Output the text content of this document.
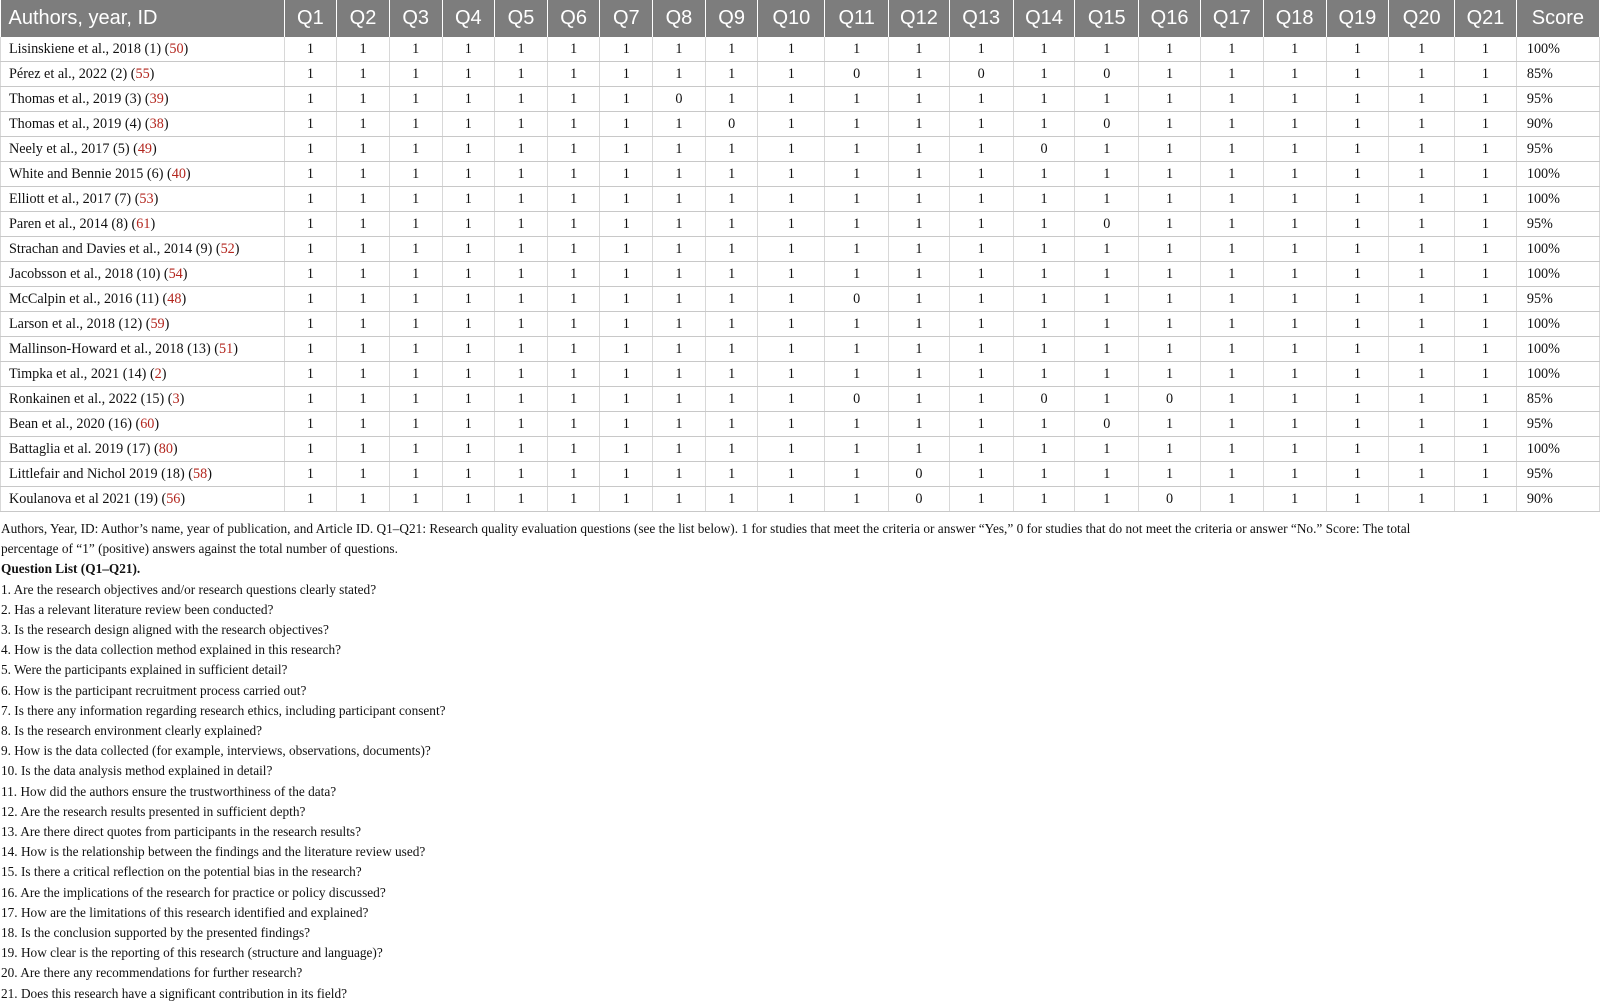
Authors, year, ID	Q1	Q2	Q3	Q4	Q5	Q6	Q7	Q8	Q9	Q10	Q11	Q12	Q13	Q14	Q15	Q16	Q17	Q18	Q19	Q20	Q21	Score
Lisinskiene et al., 2018 (1) (50)	1	1	1	1	1	1	1	1	1	1	1	1	1	1	1	1	1	1	1	1	1	100%
Pérez et al., 2022 (2) (55)	1	1	1	1	1	1	1	1	1	1	0	1	0	1	0	1	1	1	1	1	1	85%
Thomas et al., 2019 (3) (39)	1	1	1	1	1	1	1	0	1	1	1	1	1	1	1	1	1	1	1	1	1	95%
Thomas et al., 2019 (4) (38)	1	1	1	1	1	1	1	1	0	1	1	1	1	1	0	1	1	1	1	1	1	90%
Neely et al., 2017 (5) (49)	1	1	1	1	1	1	1	1	1	1	1	1	1	0	1	1	1	1	1	1	1	95%
White and Bennie 2015 (6) (40)	1	1	1	1	1	1	1	1	1	1	1	1	1	1	1	1	1	1	1	1	1	100%
Elliott et al., 2017 (7) (53)	1	1	1	1	1	1	1	1	1	1	1	1	1	1	1	1	1	1	1	1	1	100%
Paren et al., 2014 (8) (61)	1	1	1	1	1	1	1	1	1	1	1	1	1	1	0	1	1	1	1	1	1	95%
Strachan and Davies et al., 2014 (9) (52)	1	1	1	1	1	1	1	1	1	1	1	1	1	1	1	1	1	1	1	1	1	100%
Jacobsson et al., 2018 (10) (54)	1	1	1	1	1	1	1	1	1	1	1	1	1	1	1	1	1	1	1	1	1	100%
McCalpin et al., 2016 (11) (48)	1	1	1	1	1	1	1	1	1	1	0	1	1	1	1	1	1	1	1	1	1	95%
Larson et al., 2018 (12) (59)	1	1	1	1	1	1	1	1	1	1	1	1	1	1	1	1	1	1	1	1	1	100%
Mallinson-Howard et al., 2018 (13) (51)	1	1	1	1	1	1	1	1	1	1	1	1	1	1	1	1	1	1	1	1	1	100%
Timpka et al., 2021 (14) (2)	1	1	1	1	1	1	1	1	1	1	1	1	1	1	1	1	1	1	1	1	1	100%
Ronkainen et al., 2022 (15) (3)	1	1	1	1	1	1	1	1	1	1	0	1	1	0	1	0	1	1	1	1	1	85%
Bean et al., 2020 (16) (60)	1	1	1	1	1	1	1	1	1	1	1	1	1	1	0	1	1	1	1	1	1	95%
Battaglia et al. 2019 (17) (80)	1	1	1	1	1	1	1	1	1	1	1	1	1	1	1	1	1	1	1	1	1	100%
Littlefair and Nichol 2019 (18) (58)	1	1	1	1	1	1	1	1	1	1	1	0	1	1	1	1	1	1	1	1	1	95%
Koulanova et al 2021 (19) (56)	1	1	1	1	1	1	1	1	1	1	1	0	1	1	1	0	1	1	1	1	1	90%

Authors, Year, ID: Author’s name, year of publication, and Article ID. Q1–Q21: Research quality evaluation questions (see the list below). 1 for studies that meet the criteria or answer “Yes,” 0 for studies that do not meet the criteria or answer “No.” Score: The total

percentage of “1” (positive) answers against the total number of questions.

Question List (Q1–Q21).

1. Are the research objectives and/or research questions clearly stated?

2. Has a relevant literature review been conducted?

3. Is the research design aligned with the research objectives?

4. How is the data collection method explained in this research?

5. Were the participants explained in sufficient detail?

6. How is the participant recruitment process carried out?

7. Is there any information regarding research ethics, including participant consent?

8. Is the research environment clearly explained?

9. How is the data collected (for example, interviews, observations, documents)?

10. Is the data analysis method explained in detail?

11. How did the authors ensure the trustworthiness of the data?

12. Are the research results presented in sufficient depth?

13. Are there direct quotes from participants in the research results?

14. How is the relationship between the findings and the literature review used?

15. Is there a critical reflection on the potential bias in the research?

16. Are the implications of the research for practice or policy discussed?

17. How are the limitations of this research identified and explained?

18. Is the conclusion supported by the presented findings?

19. How clear is the reporting of this research (structure and language)?

20. Are there any recommendations for further research?

21. Does this research have a significant contribution in its field?
